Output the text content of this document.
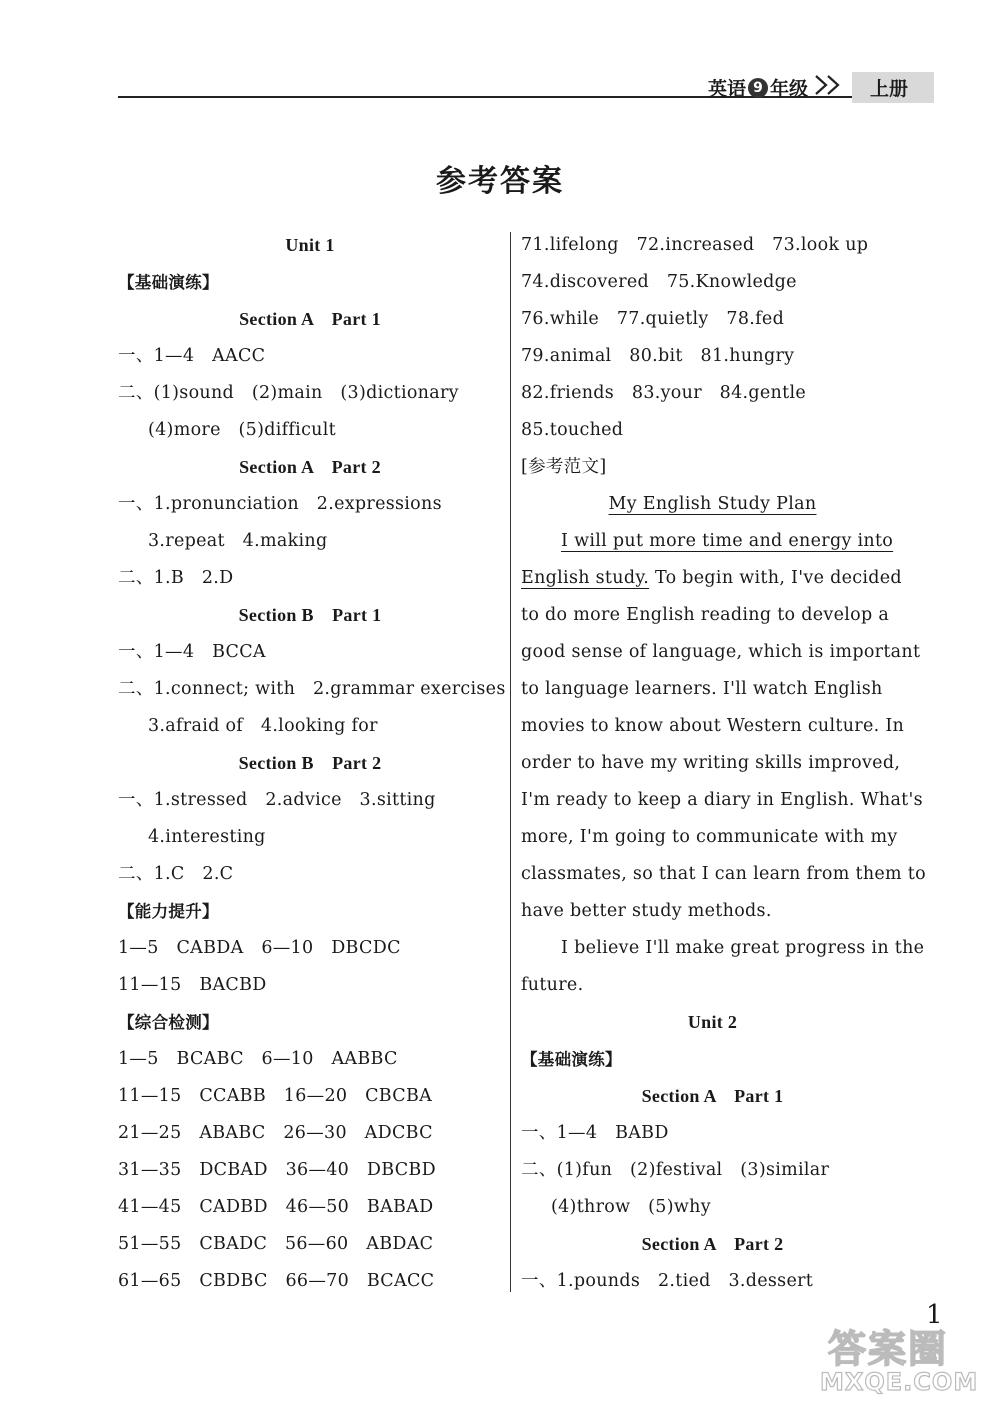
英语 9 年级	上册
参考答案
Unit 1
【基础演练】
Section A　Part 1
一、1—4　AACC
二、(1)sound　(2)main　(3)dictionary
(4)more　(5)difficult
Section A　Part 2
一、1.pronunciation　2.expressions
3.repeat　4.making
二、1.B　2.D
Section B　Part 1
一、1—4　BCCA
二、1.connect; with　2.grammar exercises
3.afraid of　4.looking for
Section B　Part 2
一、1.stressed　2.advice　3.sitting
4.interesting
二、1.C　2.C
【能力提升】
1—5　CABDA　6—10　DBCDC
11—15　BACBD
【综合检测】
1—5　BCABC　6—10　AABBC
11—15　CCABB　16—20　CBCBA
21—25　ABABC　26—30　ADCBC
31—35　DCBAD　36—40　DBCBD
41—45　CADBD　46—50　BABAD
51—55　CBADC　56—60　ABDAC
61—65　CBDBC　66—70　BCACC
71.lifelong　72.increased　73.look up
74.discovered　75.Knowledge
76.while　77.quietly　78.fed
79.animal　80.bit　81.hungry
82.friends　83.your　84.gentle
85.touched
[参考范文]
My English Study Plan
I will put more time and energy into
English study. To begin with, I've decided
to do more English reading to develop a
good sense of language, which is important
to language learners. I'll watch English
movies to know about Western culture. In
order to have my writing skills improved,
I'm ready to keep a diary in English. What's
more, I'm going to communicate with my
classmates, so that I can learn from them to
have better study methods.
I believe I'll make great progress in the
future.
Unit 2
【基础演练】
Section A　Part 1
一、1—4　BABD
二、(1)fun　(2)festival　(3)similar
(4)throw　(5)why
Section A　Part 2
一、1.pounds　2.tied　3.dessert
1
答案圈
MXQE.COM
